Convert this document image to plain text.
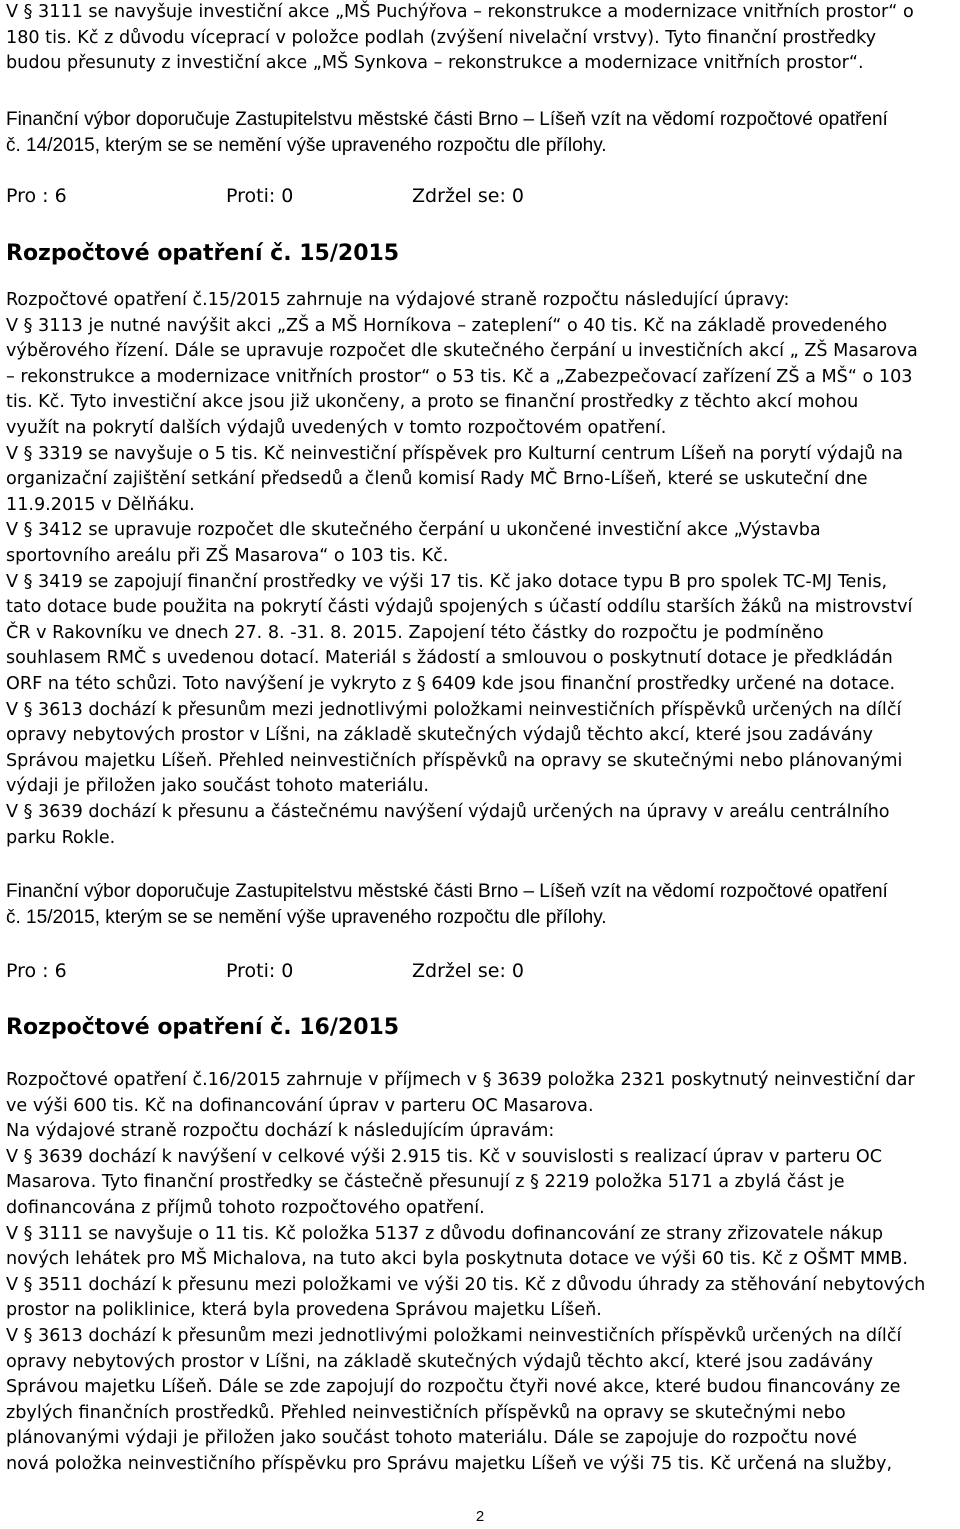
V § 3111 se navyšuje investiční akce „MŠ Puchýřova – rekonstrukce a modernizace vnitřních prostor“ o
180 tis. Kč z důvodu víceprací v položce podlah (zvýšení nivelační vrstvy). Tyto finanční prostředky
budou přesunuty z investiční akce „MŠ Synkova – rekonstrukce a modernizace vnitřních prostor“.
Finanční výbor doporučuje Zastupitelstvu městské části Brno – Líšeň vzít na vědomí rozpočtové opatření
č. 14/2015, kterým se se nemění výše upraveného rozpočtu dle přílohy.
Pro : 6	Proti: 0	Zdržel se: 0
Rozpočtové opatření č. 15/2015
Rozpočtové opatření č.15/2015 zahrnuje na výdajové straně rozpočtu následující úpravy:
V § 3113 je nutné navýšit akci „ZŠ a MŠ Horníkova – zateplení“ o 40 tis. Kč na základě provedeného
výběrového řízení. Dále se upravuje rozpočet dle skutečného čerpání u investičních akcí „ ZŠ Masarova
– rekonstrukce a modernizace vnitřních prostor“ o 53 tis. Kč a „Zabezpečovací zařízení ZŠ a MŠ“ o 103
tis. Kč. Tyto investiční akce jsou již ukončeny, a proto se finanční prostředky z těchto akcí mohou
využít na pokrytí dalších výdajů uvedených v tomto rozpočtovém opatření.
V § 3319 se navyšuje o 5 tis. Kč neinvestiční příspěvek pro Kulturní centrum Líšeň na porytí výdajů na
organizační zajištění setkání předsedů a členů komisí Rady MČ Brno-Líšeň, které se uskuteční dne
11.9.2015 v Dělňáku.
V § 3412 se upravuje rozpočet dle skutečného čerpání u ukončené investiční akce „Výstavba
sportovního areálu při ZŠ Masarova“ o 103 tis. Kč.
V § 3419 se zapojují finanční prostředky ve výši 17 tis. Kč jako dotace typu B pro spolek TC-MJ Tenis,
tato dotace bude použita na pokrytí části výdajů spojených s účastí oddílu starších žáků na mistrovství
ČR v Rakovníku ve dnech 27. 8. -31. 8. 2015. Zapojení této částky do rozpočtu je podmíněno
souhlasem RMČ s uvedenou dotací. Materiál s žádostí a smlouvou o poskytnutí dotace je předkládán
ORF na této schůzi. Toto navýšení je vykryto z § 6409 kde jsou finanční prostředky určené na dotace.
V § 3613 dochází k přesunům mezi jednotlivými položkami neinvestičních příspěvků určených na dílčí
opravy nebytových prostor v Líšni, na základě skutečných výdajů těchto akcí, které jsou zadávány
Správou majetku Líšeň. Přehled neinvestičních příspěvků na opravy se skutečnými nebo plánovanými
výdaji je přiložen jako součást tohoto materiálu.
V § 3639 dochází k přesunu a částečnému navýšení výdajů určených na úpravy v areálu centrálního
parku Rokle.
Finanční výbor doporučuje Zastupitelstvu městské části Brno – Líšeň vzít na vědomí rozpočtové opatření
č. 15/2015, kterým se se nemění výše upraveného rozpočtu dle přílohy.
Pro : 6	Proti: 0	Zdržel se: 0
Rozpočtové opatření č. 16/2015
Rozpočtové opatření č.16/2015 zahrnuje v příjmech v § 3639 položka 2321 poskytnutý neinvestiční dar
ve výši 600 tis. Kč na dofinancování úprav v parteru OC Masarova.
Na výdajové straně rozpočtu dochází k následujícím úpravám:
V § 3639 dochází k navýšení v celkové výši 2.915 tis. Kč v souvislosti s realizací úprav v parteru OC
Masarova. Tyto finanční prostředky se částečně přesunují z § 2219 položka 5171 a zbylá část je
dofinancována z příjmů tohoto rozpočtového opatření.
V § 3111 se navyšuje o 11 tis. Kč položka 5137 z důvodu dofinancování ze strany zřizovatele nákup
nových lehátek pro MŠ Michalova, na tuto akci byla poskytnuta dotace ve výši 60 tis. Kč z OŠMT MMB.
V § 3511 dochází k přesunu mezi položkami ve výši 20 tis. Kč z důvodu úhrady za stěhování nebytových
prostor na poliklinice, která byla provedena Správou majetku Líšeň.
V § 3613 dochází k přesunům mezi jednotlivými položkami neinvestičních příspěvků určených na dílčí
opravy nebytových prostor v Líšni, na základě skutečných výdajů těchto akcí, které jsou zadávány
Správou majetku Líšeň. Dále se zde zapojují do rozpočtu čtyři nové akce, které budou financovány ze
zbylých finančních prostředků. Přehled neinvestičních příspěvků na opravy se skutečnými nebo
plánovanými výdaji je přiložen jako součást tohoto materiálu. Dále se zapojuje do rozpočtu nové
nová položka neinvestičního příspěvku pro Správu majetku Líšeň ve výši 75 tis. Kč určená na služby,
2
